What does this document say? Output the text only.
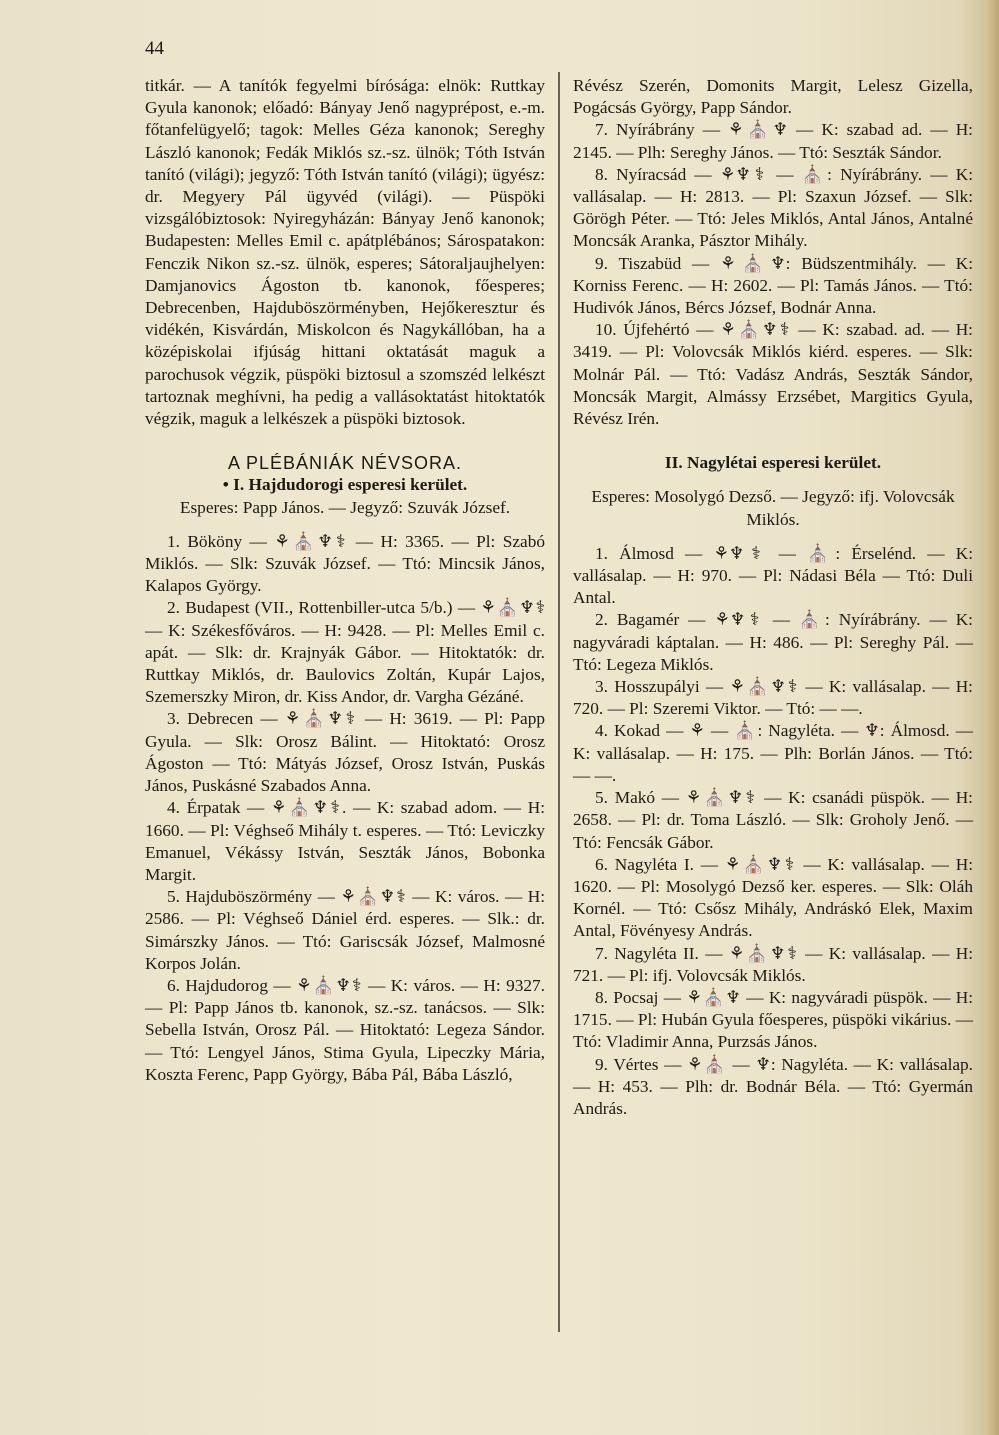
44

titkár. — A tanítók fegyelmi bírósága: elnök: Ruttkay Gyula kanonok; előadó: Bányay Jenő nagyprépost, e.-m. főtanfelügyelő; tagok: Melles Géza kanonok; Sereghy László kanonok; Fedák Miklós sz.-sz. ülnök; Tóth István tanító (világi); jegyző: Tóth István tanító (világi); ügyész: dr. Megyery Pál ügyvéd (világi). — Püspöki vizsgálóbiztosok: Nyiregyházán: Bányay Jenő kanonok; Budapesten: Melles Emil c. apátplébános; Sárospatakon: Fenczik Nikon sz.-sz. ülnök, esperes; Sátoraljaujhelyen: Damjanovics Ágoston tb. kanonok, főesperes; Debrecenben, Hajduböszörményben, Hejőkeresztur és vidékén, Kisvárdán, Miskolcon és Nagykállóban, ha a középiskolai ifjúság hittani oktatását maguk a parochusok végzik, püspöki biztosul a szomszéd lelkészt tartoznak meghívni, ha pedig a vallásoktatást hitoktatók végzik, maguk a lelkészek a püspöki biztosok.

A PLÉBÁNIÁK NÉVSORA.

• I. Hajdudorogi esperesi kerület.

Esperes: Papp János. — Jegyző: Szuvák József.

1. Bököny — ⚘⛪♆⚕ — H: 3365. — Pl: Szabó Miklós. — Slk: Szuvák József. — Ttó: Mincsik János, Kalapos György.

2. Budapest (VII., Rottenbiller-utca 5/b.) — ⚘⛪♆⚕ — K: Székesfőváros. — H: 9428. — Pl: Melles Emil c. apát. — Slk: dr. Krajnyák Gábor. — Hitoktatók: dr. Ruttkay Miklós, dr. Baulovics Zoltán, Kupár Lajos, Szemerszky Miron, dr. Kiss Andor, dr. Vargha Gézáné.

3. Debrecen — ⚘⛪♆⚕ — H: 3619. — Pl: Papp Gyula. — Slk: Orosz Bálint. — Hitoktató: Orosz Ágoston — Ttó: Mátyás József, Orosz István, Puskás János, Puskásné Szabados Anna.

4. Érpatak — ⚘⛪♆⚕. — K: szabad adom. — H: 1660. — Pl: Véghseő Mihály t. esperes. — Ttó: Leviczky Emanuel, Vékássy István, Seszták János, Bobonka Margit.

5. Hajduböszörmény — ⚘⛪♆⚕ — K: város. — H: 2586. — Pl: Véghseő Dániel érd. esperes. — Slk.: dr. Simárszky János. — Ttó: Gariscsák József, Malmosné Korpos Jolán.

6. Hajdudorog — ⚘⛪♆⚕ — K: város. — H: 9327. — Pl: Papp János tb. kanonok, sz.-sz. tanácsos. — Slk: Sebella István, Orosz Pál. — Hitoktató: Legeza Sándor. — Ttó: Lengyel János, Stima Gyula, Lipeczky Mária, Koszta Ferenc, Papp György, Bába Pál, Bába László,

Révész Szerén, Domonits Margit, Lelesz Gizella, Pogácsás György, Papp Sándor.

7. Nyírábrány — ⚘⛪♆ — K: szabad ad. — H: 2145. — Plh: Sereghy János. — Ttó: Seszták Sándor.

8. Nyíracsád — ⚘♆⚕ — ⛪: Nyírábrány. — K: vallásalap. — H: 2813. — Pl: Szaxun József. — Slk: Görögh Péter. — Ttó: Jeles Miklós, Antal János, Antalné Moncsák Aranka, Pásztor Mihály.

9. Tiszabüd — ⚘⛪♆: Büdszentmihály. — K: Korniss Ferenc. — H: 2602. — Pl: Tamás János. — Ttó: Hudivók János, Bércs József, Bodnár Anna.

10. Újfehértó — ⚘⛪♆⚕ — K: szabad. ad. — H: 3419. — Pl: Volovcsák Miklós kiérd. esperes. — Slk: Molnár Pál. — Ttó: Vadász András, Seszták Sándor, Moncsák Margit, Almássy Erzsébet, Margitics Gyula, Révész Irén.

II. Nagylétai esperesi kerület.

Esperes: Mosolygó Dezső. — Jegyző: ifj. Volovcsák Miklós.

1. Álmosd — ⚘♆⚕ — ⛪: Érselénd. — K: vallásalap. — H: 970. — Pl: Nádasi Béla — Ttó: Duli Antal.

2. Bagamér — ⚘♆⚕ — ⛪: Nyírábrány. — K: nagyváradi káptalan. — H: 486. — Pl: Sereghy Pál. — Ttó: Legeza Miklós.

3. Hosszupályi — ⚘⛪♆⚕ — K: vallásalap. — H: 720. — Pl: Szeremi Viktor. — Ttó: — —.

4. Kokad — ⚘ — ⛪: Nagyléta. — ♆: Álmosd. — K: vallásalap. — H: 175. — Plh: Borlán János. — Ttó: — —.

5. Makó — ⚘⛪♆⚕ — K: csanádi püspök. — H: 2658. — Pl: dr. Toma László. — Slk: Groholy Jenő. — Ttó: Fencsák Gábor.

6. Nagyléta I. — ⚘⛪♆⚕ — K: vallásalap. — H: 1620. — Pl: Mosolygó Dezső ker. esperes. — Slk: Oláh Kornél. — Ttó: Csősz Mihály, Andráskó Elek, Maxim Antal, Fövényesy András.

7. Nagyléta II. — ⚘⛪♆⚕ — K: vallásalap. — H: 721. — Pl: ifj. Volovcsák Miklós.

8. Pocsaj — ⚘⛪♆ — K: nagyváradi püspök. — H: 1715. — Pl: Hubán Gyula főesperes, püspöki vikárius. — Ttó: Vladimir Anna, Purzsás János.

9. Vértes — ⚘⛪ — ♆: Nagyléta. — K: vallásalap. — H: 453. — Plh: dr. Bodnár Béla. — Ttó: Gyermán András.
